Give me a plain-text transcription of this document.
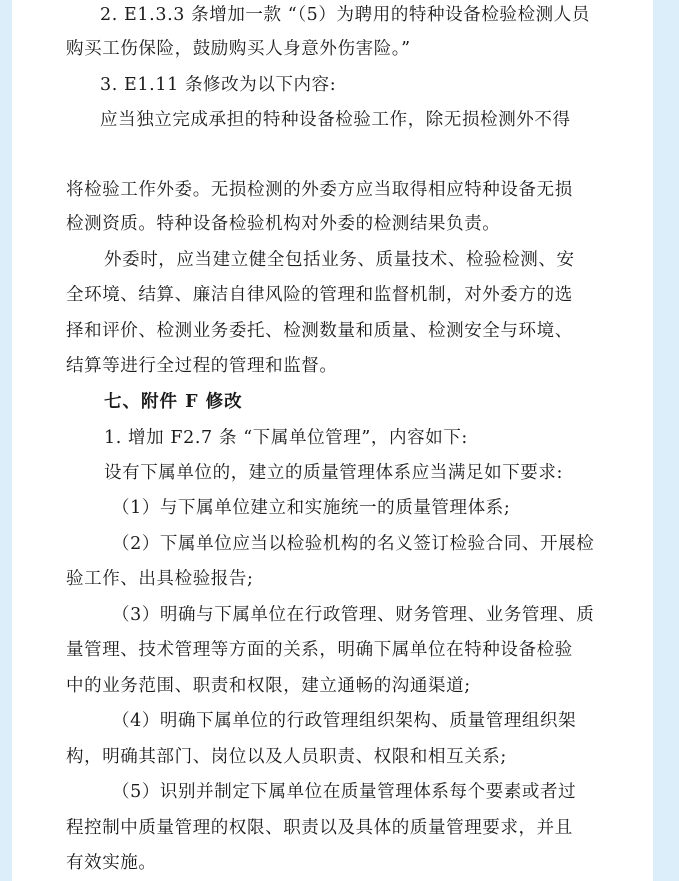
2. E1.3.3 条增加一款 “（5）为聘用的特种设备检验检测人员
购买工伤保险，鼓励购买人身意外伤害险。”
3. E1.11 条修改为以下内容:
应当独立完成承担的特种设备检验工作，除无损检测外不得
将检验工作外委。无损检测的外委方应当取得相应特种设备无损
检测资质。特种设备检验机构对外委的检测结果负责。
外委时，应当建立健全包括业务、质量技术、检验检测、安
全环境、结算、廉洁自律风险的管理和监督机制，对外委方的选
择和评价、检测业务委托、检测数量和质量、检测安全与环境、
结算等进行全过程的管理和监督。
七、附件 F 修改
1. 增加 F2.7 条 “下属单位管理”，内容如下:
设有下属单位的，建立的质量管理体系应当满足如下要求:
（1）与下属单位建立和实施统一的质量管理体系;
（2）下属单位应当以检验机构的名义签订检验合同、开展检
验工作、出具检验报告;
（3）明确与下属单位在行政管理、财务管理、业务管理、质
量管理、技术管理等方面的关系，明确下属单位在特种设备检验
中的业务范围、职责和权限，建立通畅的沟通渠道;
（4）明确下属单位的行政管理组织架构、质量管理组织架
构，明确其部门、岗位以及人员职责、权限和相互关系;
（5）识别并制定下属单位在质量管理体系每个要素或者过
程控制中质量管理的权限、职责以及具体的质量管理要求，并且
有效实施。
